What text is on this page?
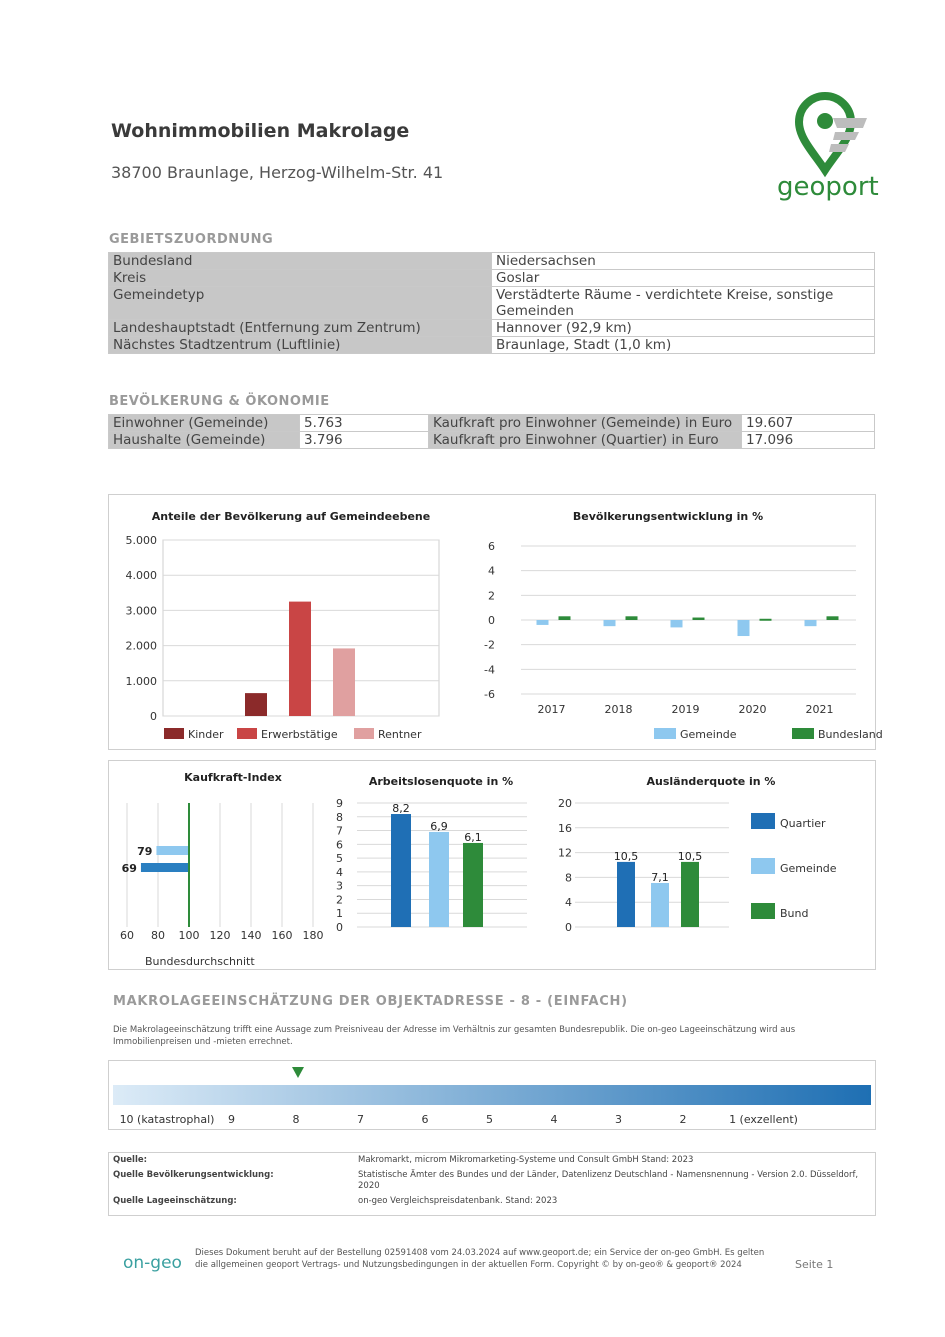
Wohnimmobilien Makrolage
38700 Braunlage, Herzog-Wilhelm-Str. 41	geoport
GEBIETSZUORDNUNG
Bundesland	Niedersachsen
Kreis	Goslar
Gemeindetyp	Verstädterte Räume - verdichtete Kreise, sonstige Gemeinden
Landeshauptstadt (Entfernung zum Zentrum)	Hannover (92,9 km)
Nächstes Stadtzentrum (Luftlinie)	Braunlage, Stadt (1,0 km)
BEVÖLKERUNG & ÖKONOMIE
Einwohner (Gemeinde)	5.763	Kaufkraft pro Einwohner (Gemeinde) in Euro	19.607
Haushalte (Gemeinde)	3.796	Kaufkraft pro Einwohner (Quartier) in Euro	17.096
Anteile der Bevölkerung auf Gemeindeebene
0
1.000
2.000
3.000
4.000
5.000
Kinder	Erwerbstätige	Rentner
Bevölkerungsentwicklung in %
-6
-4
-2
0
2
4
6
2017	2018	2019	2020	2021
Gemeinde	Bundesland
Kaufkraft-Index
60 80 100 120 140 160 180
79
69
Bundesdurchschnitt
Arbeitslosenquote in %
0
1
2
3
4
5
6
7
8
9	8,2
6,9
6,1
Ausländerquote in %
0
4
8
12
16
20
10,5
7,1
10,5
Quartier
Gemeinde
Bund
MAKROLAGEEINSCHÄTZUNG DER OBJEKTADRESSE - 8 - (EINFACH)
Die Makrolageeinschätzung trifft eine Aussage zum Preisniveau der Adresse im Verhältnis zur gesamten Bundesrepublik. Die on-geo Lageeinschätzung wird aus Immobilienpreisen und -mieten errechnet.
10 (katastrophal) 9	8	7	6	5	4	3	2	1 (exzellent)
Quelle:	Makromarkt, microm Mikromarketing-Systeme und Consult GmbH Stand: 2023
Quelle Bevölkerungsentwicklung:	Statistische Ämter des Bundes und der Länder, Datenlizenz Deutschland - Namensnennung - Version 2.0. Düsseldorf, 2020
Quelle Lageeinschätzung:	on-geo Vergleichspreisdatenbank. Stand: 2023
on-geo Dieses Dokument beruht auf der Bestellung 02591408 vom 24.03.2024 auf www.geoport.de; ein Service der on-geo GmbH. Es gelten die allgemeinen geoport Vertrags- und Nutzungsbedingungen in der aktuellen Form. Copyright © by on-geo® & geoport® 2024	Seite 1
